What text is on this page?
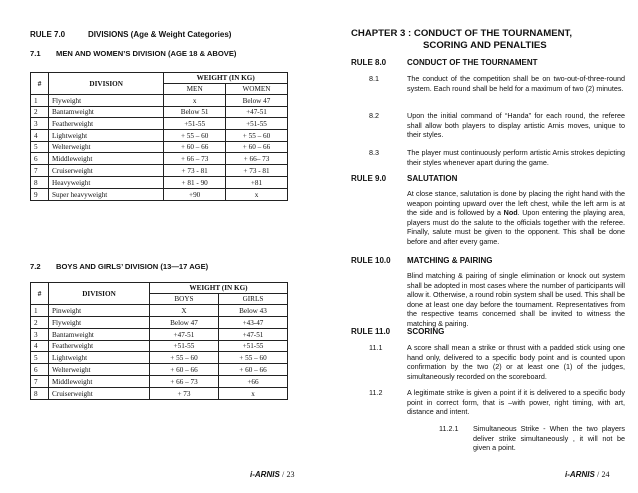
RULE 7.0	DIVISIONS (Age & Weight Categories)
7.1 MEN AND WOMEN’S DIVISION (AGE 18 & ABOVE)
#	DIVISION	WEIGHT (IN KG)	
		MEN	WOMEN
1	Flyweight	x	Below 47
2	Bantamweight	Below 51	+47-51
3	Featherweight	+51-55	+51-55
4	Lightweight	+ 55 – 60	+ 55 – 60
5	Welterweight	+ 60 – 66	+ 60 – 66
6	Middleweight	+ 66 – 73	+ 66– 73
7	Cruiserweight	+ 73 - 81	+ 73 - 81
8	Heavyweight	+ 81 - 90	+81
9	Super heavyweight	+90	x
7.2 BOYS AND GIRLS’ DIVISION (13—17 AGE)
#	DIVISION	WEIGHT (IN KG)	
		BOYS	GIRLS
1	Pinweight	X	Below 43
2	Flyweight	Below 47	+43-47
3	Bantamweight	+47-51	+47-51
4	Featherweight	+51-55	+51-55
5	Lightweight	+ 55 – 60	+ 55 – 60
6	Welterweight	+ 60 – 66	+ 60 – 66
7	Middleweight	+ 66 – 73	+66
8	Cruiserweight	+ 73	x
i-ARNIS / 23
CHAPTER 3 : CONDUCT OF THE TOURNAMENT,
SCORING AND PENALTIES
RULE 8.0	CONDUCT OF THE TOURNAMENT
8.1	The conduct of the competition shall be on two-out-of-three-round system. Each round shall be held for a maximum of two (2) minutes.
8.2	Upon the initial command of “Handa” for each round, the referee shall allow both players to display artistic Arnis moves, unique to their styles.
8.3	The player must continuously perform artistic Arnis strokes depicting their styles whenever apart during the game.
RULE 9.0	SALUTATION
At close stance, salutation is done by placing the right hand with the weapon pointing upward over the left chest, while the left arm is at the side and is followed by a Nod. Upon entering the playing area, players must do the salute to the officials together with the referee. Finally, salute must be given to the opponent. This shall be done before and after every game.
RULE 10.0 MATCHING & PAIRING
Blind matching & pairing of single elimination or knock out system shall be adopted in most cases where the number of participants will allow it. Otherwise, a round robin system shall be used. This shall be done at least one day before the tournament. Representatives from the respective teams concerned shall be invited to witness the matching & pairing.
RULE 11.0 SCORING
11.1	A score shall mean a strike or thrust with a padded stick using one hand only, delivered to a specific body point and is counted upon confirmation by the two (2) or at least one (1) of the judges, simultaneously recorded on the scoreboard.
11.2	A legitimate strike is given a point if it is delivered to a specific body point in correct form, that is –with power, right timing, with art, distance and intent.
11.2.1 Simultaneous Strike - When the two players deliver strike simultaneously , it will not be given a point.
i-ARNIS / 24
